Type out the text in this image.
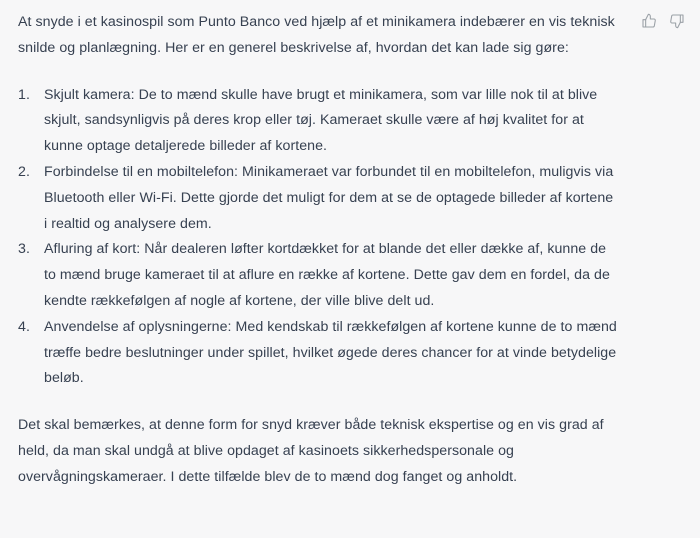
At snyde i et kasinospil som Punto Banco ved hjælp af et minikamera indebærer en vis teknisk snilde og planlægning. Her er en generel beskrivelse af, hvordan det kan lade sig gøre:

1. Skjult kamera: De to mænd skulle have brugt et minikamera, som var lille nok til at blive skjult, sandsynligvis på deres krop eller tøj. Kameraet skulle være af høj kvalitet for at kunne optage detaljerede billeder af kortene.
2. Forbindelse til en mobiltelefon: Minikameraet var forbundet til en mobiltelefon, muligvis via Bluetooth eller Wi-Fi. Dette gjorde det muligt for dem at se de optagede billeder af kortene i realtid og analysere dem.
3. Afluring af kort: Når dealeren løfter kortdækket for at blande det eller dække af, kunne de to mænd bruge kameraet til at aflure en række af kortene. Dette gav dem en fordel, da de kendte rækkefølgen af nogle af kortene, der ville blive delt ud.
4. Anvendelse af oplysningerne: Med kendskab til rækkefølgen af kortene kunne de to mænd træffe bedre beslutninger under spillet, hvilket øgede deres chancer for at vinde betydelige beløb.

Det skal bemærkes, at denne form for snyd kræver både teknisk ekspertise og en vis grad af held, da man skal undgå at blive opdaget af kasinoets sikkerhedspersonale og overvågningskameraer. I dette tilfælde blev de to mænd dog fanget og anholdt.
